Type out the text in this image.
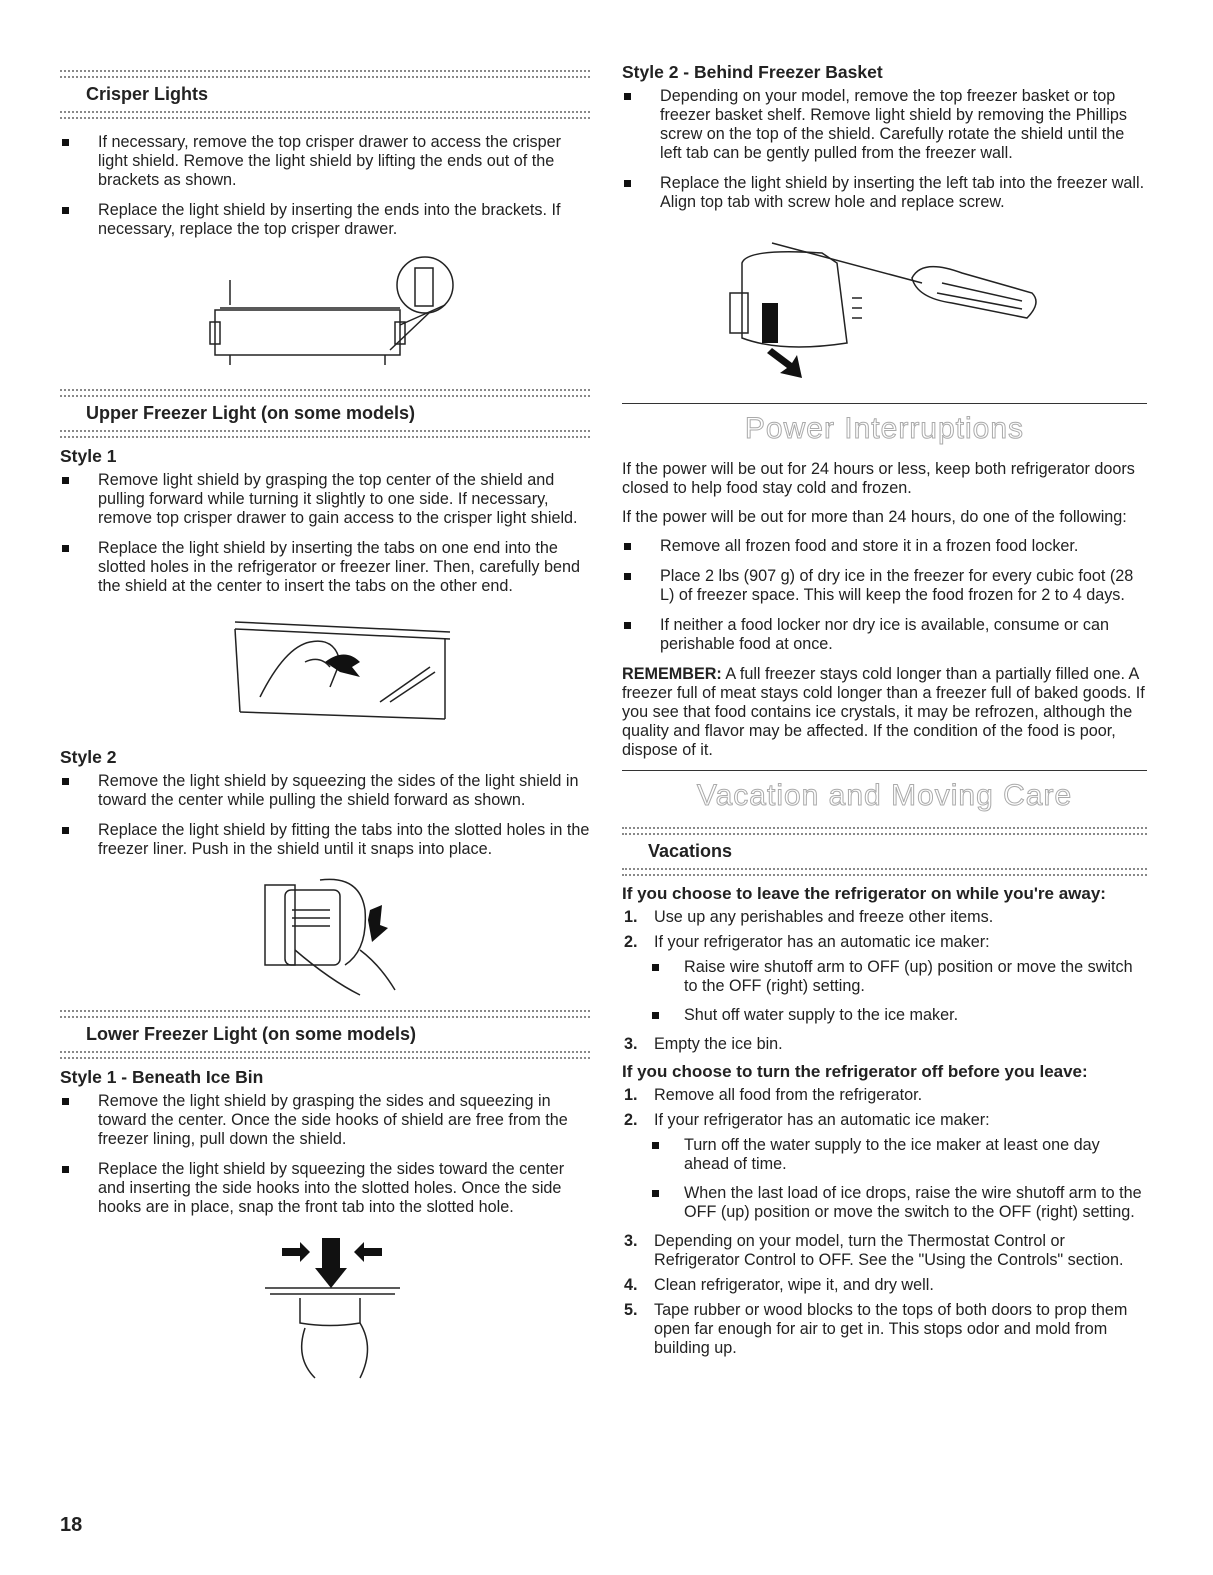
Crisper Lights
If necessary, remove the top crisper drawer to access the crisper light shield. Remove the light shield by lifting the ends out of the brackets as shown.
Replace the light shield by inserting the ends into the brackets. If necessary, replace the top crisper drawer.
Upper Freezer Light (on some models)
Style 1
Remove light shield by grasping the top center of the shield and pulling forward while turning it slightly to one side. If necessary, remove top crisper drawer to gain access to the crisper light shield.
Replace the light shield by inserting the tabs on one end into the slotted holes in the refrigerator or freezer liner. Then, carefully bend the shield at the center to insert the tabs on the other end.
Style 2
Remove the light shield by squeezing the sides of the light shield in toward the center while pulling the shield forward as shown.
Replace the light shield by fitting the tabs into the slotted holes in the freezer liner. Push in the shield until it snaps into place.
Lower Freezer Light (on some models)
Style 1 - Beneath Ice Bin
Remove the light shield by grasping the sides and squeezing in toward the center. Once the side hooks of shield are free from the freezer lining, pull down the shield.
Replace the light shield by squeezing the sides toward the center and inserting the side hooks into the slotted holes. Once the side hooks are in place, snap the front tab into the slotted hole.
Style 2 - Behind Freezer Basket
Depending on your model, remove the top freezer basket or top freezer basket shelf. Remove light shield by removing the Phillips screw on the top of the shield. Carefully rotate the shield until the left tab can be gently pulled from the freezer wall.
Replace the light shield by inserting the left tab into the freezer wall. Align top tab with screw hole and replace screw.
Power Interruptions
If the power will be out for 24 hours or less, keep both refrigerator doors closed to help food stay cold and frozen.
If the power will be out for more than 24 hours, do one of the following:
Remove all frozen food and store it in a frozen food locker.
Place 2 lbs (907 g) of dry ice in the freezer for every cubic foot (28 L) of freezer space. This will keep the food frozen for 2 to 4 days.
If neither a food locker nor dry ice is available, consume or can perishable food at once.
REMEMBER: A full freezer stays cold longer than a partially filled one. A freezer full of meat stays cold longer than a freezer full of baked goods. If you see that food contains ice crystals, it may be refrozen, although the quality and flavor may be affected. If the condition of the food is poor, dispose of it.
Vacation and Moving Care
Vacations
If you choose to leave the refrigerator on while you're away:
1. Use up any perishables and freeze other items.
2. If your refrigerator has an automatic ice maker:
Raise wire shutoff arm to OFF (up) position or move the switch to the OFF (right) setting.
Shut off water supply to the ice maker.
3. Empty the ice bin.
If you choose to turn the refrigerator off before you leave:
1. Remove all food from the refrigerator.
2. If your refrigerator has an automatic ice maker:
Turn off the water supply to the ice maker at least one day ahead of time.
When the last load of ice drops, raise the wire shutoff arm to the OFF (up) position or move the switch to the OFF (right) setting.
3. Depending on your model, turn the Thermostat Control or Refrigerator Control to OFF. See the "Using the Controls" section.
4. Clean refrigerator, wipe it, and dry well.
5. Tape rubber or wood blocks to the tops of both doors to prop them open far enough for air to get in. This stops odor and mold from building up.
18
